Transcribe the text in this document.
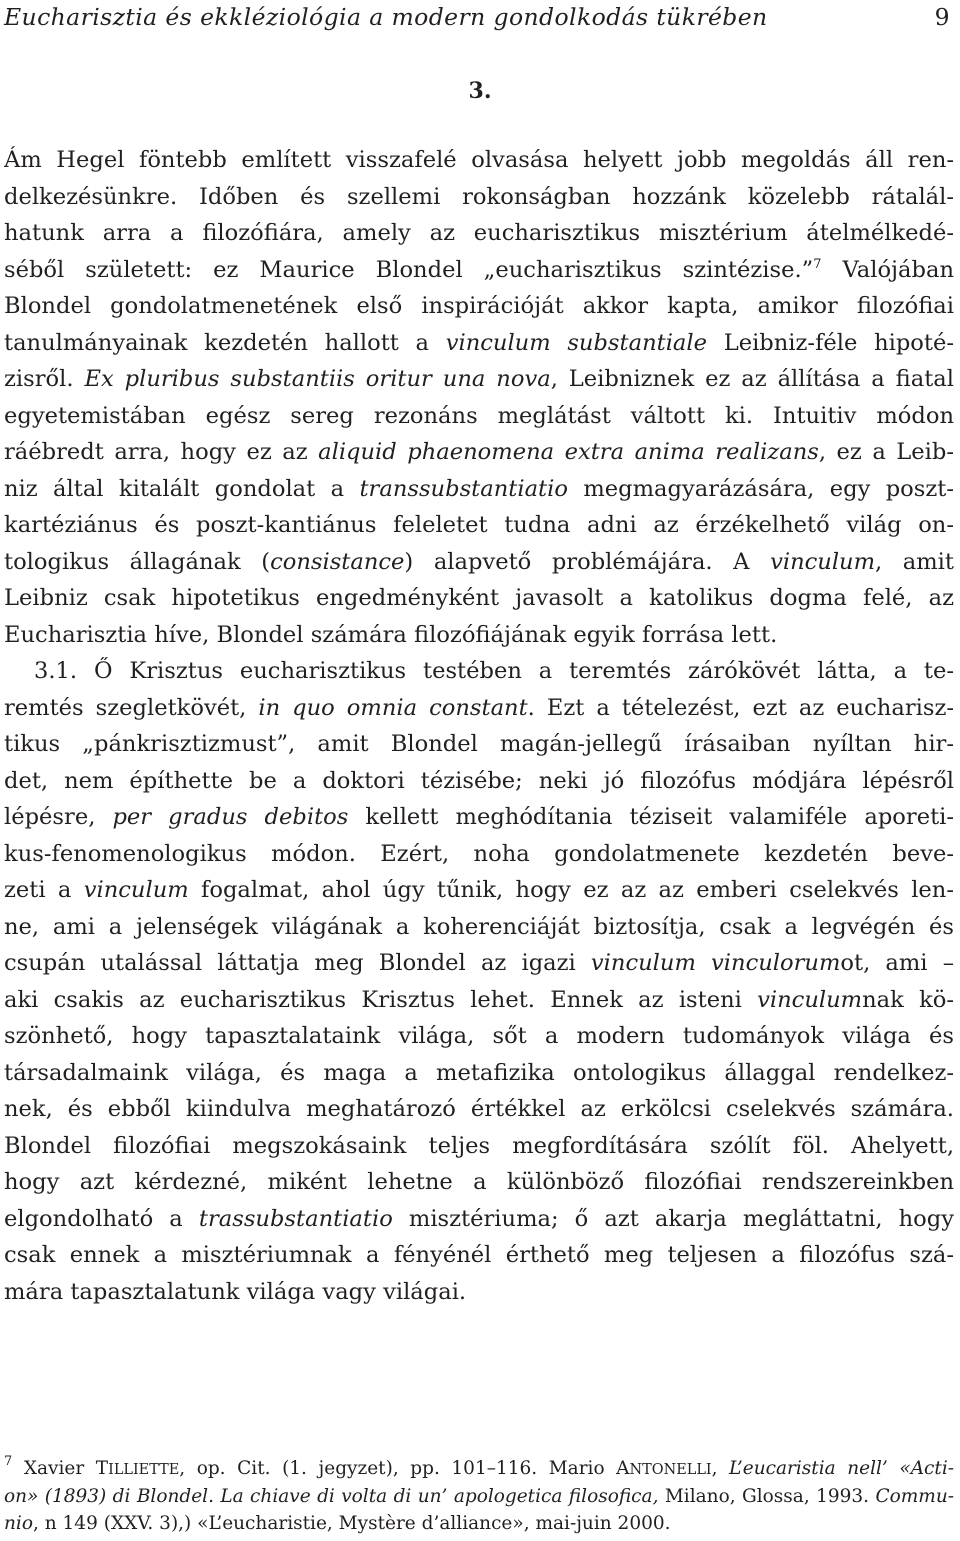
Eucharisztia és ekkléziológia a modern gondolkodás tükrében	9
3.
Ám Hegel föntebb említett visszafelé olvasása helyett jobb megoldás áll ren-
delkezésünkre. Időben és szellemi rokonságban hozzánk közelebb rátalál-
hatunk arra a filozófiára, amely az eucharisztikus misztérium átelmélkedé-
séből született: ez Maurice Blondel „eucharisztikus szintézise.”$^7$ Valójában
Blondel gondolatmenetének első inspirációját akkor kapta, amikor filozófiai
tanulmányainak kezdetén hallott a vinculum substantiale Leibniz-féle hipoté-
zisről. Ex pluribus substantiis oritur una nova, Leibniznek ez az állítása a fiatal
egyetemistában egész sereg rezonáns meglátást váltott ki. Intuitiv módon
ráébredt arra, hogy ez az aliquid phaenomena extra anima realizans, ez a Leib-
niz által kitalált gondolat a transsubstantiatio megmagyarázására, egy poszt-
kartéziánus és poszt-kantiánus feleletet tudna adni az érzékelhető világ on-
tologikus állagának (consistance) alapvető problémájára. A vinculum, amit
Leibniz csak hipotetikus engedményként javasolt a katolikus dogma felé, az
Eucharisztia híve, Blondel számára filozófiájának egyik forrása lett.
3.1. Ő Krisztus eucharisztikus testében a teremtés zárókövét látta, a te-
remtés szegletkövét, in quo omnia constant. Ezt a tételezést, ezt az eucharisz-
tikus „pánkrisztizmust”, amit Blondel magán-jellegű írásaiban nyíltan hir-
det, nem építhette be a doktori tézisébe; neki jó filozófus módjára lépésről
lépésre, per gradus debitos kellett meghódítania téziseit valamiféle aporeti-
kus-fenomenologikus módon. Ezért, noha gondolatmenete kezdetén beve-
zeti a vinculum fogalmat, ahol úgy tűnik, hogy ez az az emberi cselekvés len-
ne, ami a jelenségek világának a koherenciáját biztosítja, csak a legvégén és
csupán utalással láttatja meg Blondel az igazi vinculum vinculorumot, ami –
aki csakis az eucharisztikus Krisztus lehet. Ennek az isteni vinculumnak kö-
szönhető, hogy tapasztalataink világa, sőt a modern tudományok világa és
társadalmaink világa, és maga a metafizika ontologikus állaggal rendelkez-
nek, és ebből kiindulva meghatározó értékkel az erkölcsi cselekvés számára.
Blondel filozófiai megszokásaink teljes megfordítására szólít föl. Ahelyett,
hogy azt kérdezné, miként lehetne a különböző filozófiai rendszereinkben
elgondolható a trassubstantiatio misztériuma; ő azt akarja megláttatni, hogy
csak ennek a misztériumnak a fényénél érthető meg teljesen a filozófus szá-
mára tapasztalatunk világa vagy világai.
$^7$ Xavier TILLIETTE, op. Cit. (1. jegyzet), pp. 101–116. Mario ANTONELLI, L’eucaristia nell’ «Acti-
on» (1893) di Blondel. La chiave di volta di un’ apologetica filosofica, Milano, Glossa, 1993. Commu-
nio, n 149 (XXV. 3),) «L’eucharistie, Mystère d’alliance», mai-juin 2000.
